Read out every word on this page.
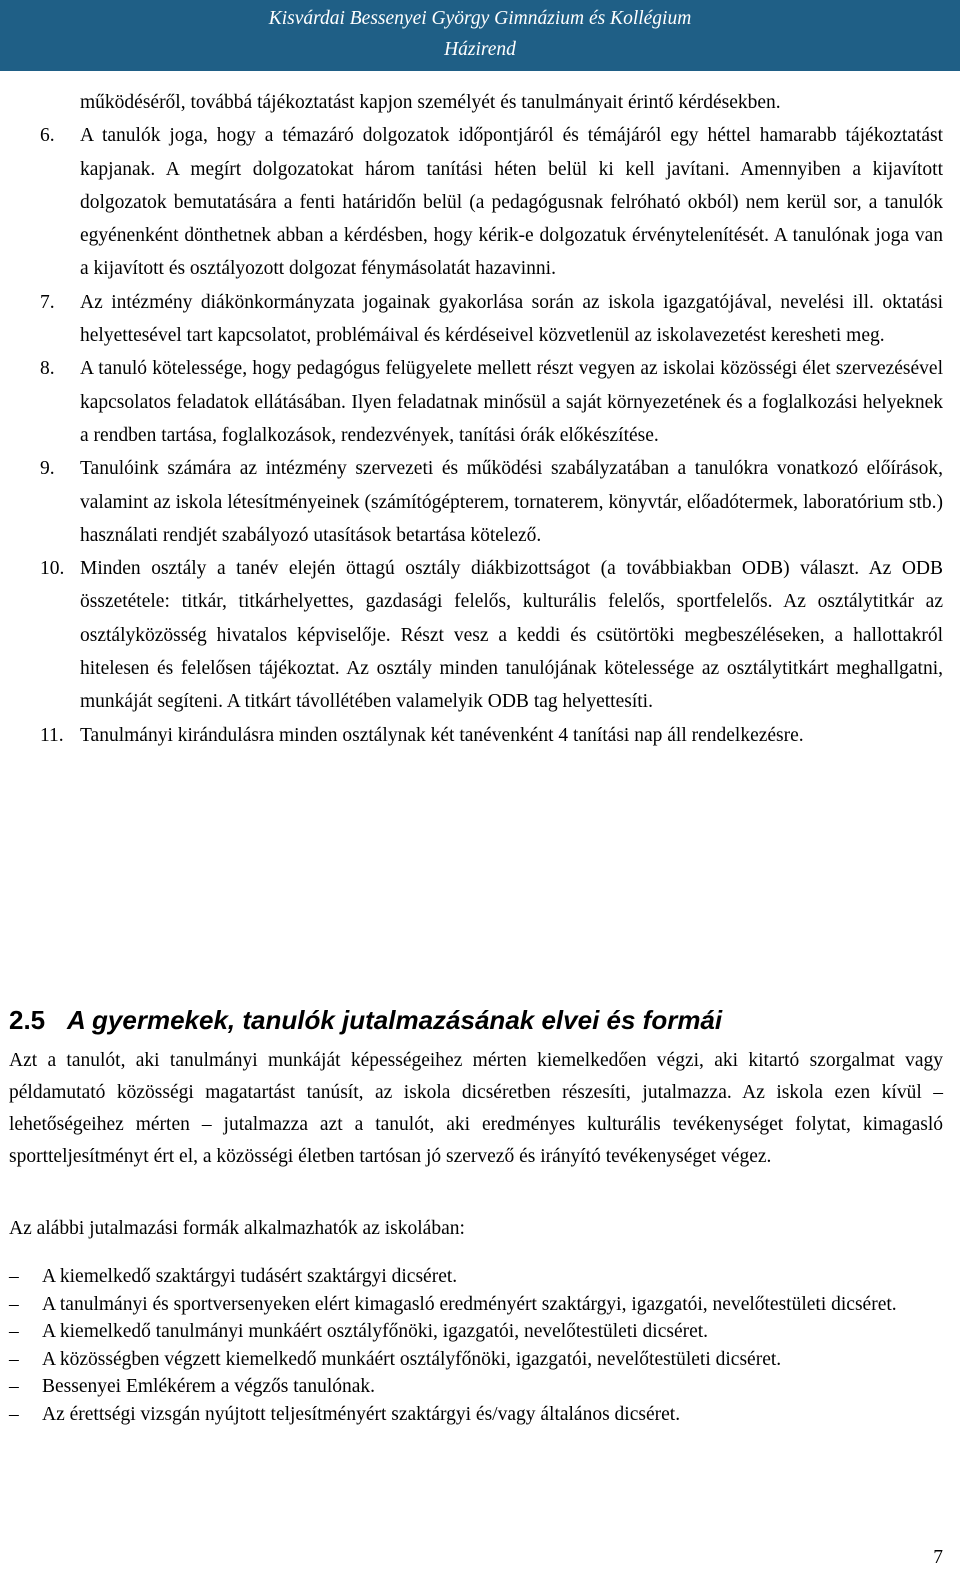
Kisvárdai Bessenyei György Gimnázium és Kollégium
Házirend

működéséről, továbbá tájékoztatást kapjon személyét és tanulmányait érintő kérdésekben.

6.	A tanulók joga, hogy a témazáró dolgozatok időpontjáról és témájáról egy héttel hamarabb tájékoztatást kapjanak. A megírt dolgozatokat három tanítási héten belül ki kell javítani. Amennyiben a kijavított dolgozatok bemutatására a fenti határidőn belül (a pedagógusnak felróható okból) nem kerül sor, a tanulók egyénenként dönthetnek abban a kérdésben, hogy kérik-e dolgozatuk érvénytelenítését. A tanulónak joga van a kijavított és osztályozott dolgozat fénymásolatát hazavinni.

7.	Az intézmény diákönkormányzata jogainak gyakorlása során az iskola igazgatójával, nevelési ill. oktatási helyettesével tart kapcsolatot, problémáival és kérdéseivel közvetlenül az iskolavezetést keresheti meg.

8.	A tanuló kötelessége, hogy pedagógus felügyelete mellett részt vegyen az iskolai közösségi élet szervezésével kapcsolatos feladatok ellátásában. Ilyen feladatnak minősül a saját környezetének és a foglalkozási helyeknek a rendben tartása, foglalkozások, rendezvények, tanítási órák előkészítése.

9.	Tanulóink számára az intézmény szervezeti és működési szabályzatában a tanulókra vonatkozó előírások, valamint az iskola létesítményeinek (számítógépterem, tornaterem, könyvtár, előadótermek, laboratórium stb.) használati rendjét szabályozó utasítások betartása kötelező.

10. Minden osztály a tanév elején öttagú osztály diákbizottságot (a továbbiakban ODB) választ. Az ODB összetétele: titkár, titkárhelyettes, gazdasági felelős, kulturális felelős, sportfelelős. Az osztálytitkár az osztályközösség hivatalos képviselője. Részt vesz a keddi és csütörtöki megbeszéléseken, a hallottakról hitelesen és felelősen tájékoztat. Az osztály minden tanulójának kötelessége az osztálytitkárt meghallgatni, munkáját segíteni. A titkárt távollétében valamelyik ODB tag helyettesíti.

11. Tanulmányi kirándulásra minden osztálynak két tanévenként 4 tanítási nap áll rendelkezésre.

2.5 A gyermekek, tanulók jutalmazásának elvei és formái

Azt a tanulót, aki tanulmányi munkáját képességeihez mérten kiemelkedően végzi, aki kitartó szorgalmat vagy példamutató közösségi magatartást tanúsít, az iskola dicséretben részesíti, jutalmazza. Az iskola ezen kívül – lehetőségeihez mérten – jutalmazza azt a tanulót, aki eredményes kulturális tevékenységet folytat, kimagasló sportteljesítményt ért el, a közösségi életben tartósan jó szervező és irányító tevékenységet végez.

Az alábbi jutalmazási formák alkalmazhatók az iskolában:

– A kiemelkedő szaktárgyi tudásért szaktárgyi dicséret.
– A tanulmányi és sportversenyeken elért kimagasló eredményért szaktárgyi, igazgatói, nevelőtestületi dicséret.
– A kiemelkedő tanulmányi munkáért osztályfőnöki, igazgatói, nevelőtestületi dicséret.
– A közösségben végzett kiemelkedő munkáért osztályfőnöki, igazgatói, nevelőtestületi dicséret.
– Bessenyei Emlékérem a végzős tanulónak.
– Az érettségi vizsgán nyújtott teljesítményért szaktárgyi és/vagy általános dicséret.
7
